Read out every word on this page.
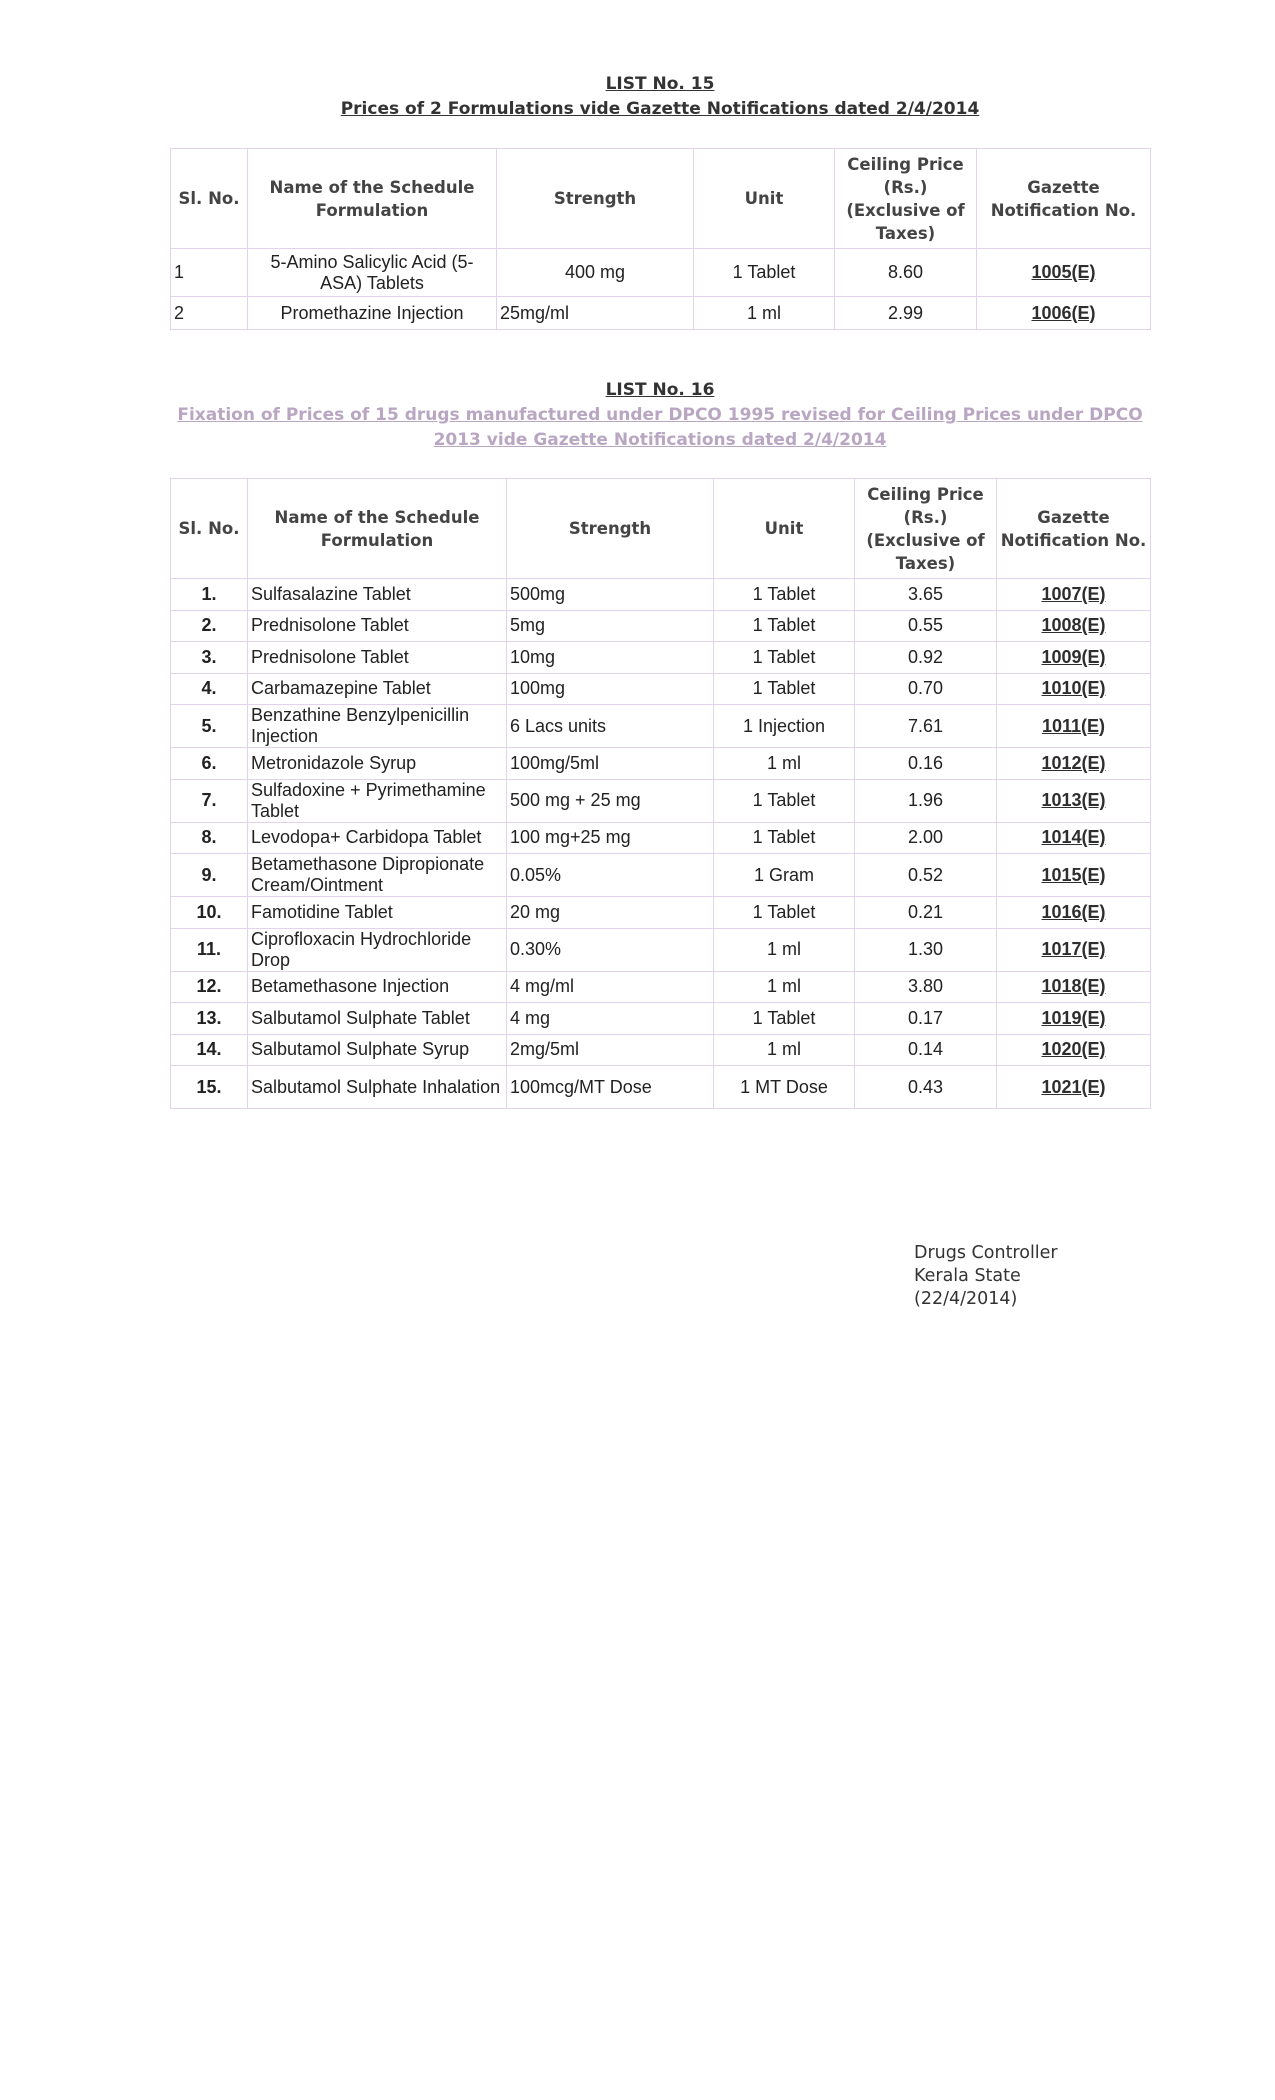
LIST No. 15
Prices of 2 Formulations vide Gazette Notifications dated 2/4/2014
Sl. No.	Name of the Schedule Formulation	Strength	Unit	Ceiling Price (Rs.) (Exclusive of Taxes)	Gazette Notification No.
1	5-Amino Salicylic Acid (5-ASA) Tablets	400 mg	1 Tablet	8.60	1005(E)
2	Promethazine Injection	25mg/ml	1 ml	2.99	1006(E)
LIST No. 16
Fixation of Prices of 15 drugs manufactured under DPCO 1995 revised for Ceiling Prices under DPCO 2013 vide Gazette Notifications dated 2/4/2014
Sl. No.	Name of the Schedule Formulation	Strength	Unit	Ceiling Price (Rs.) (Exclusive of Taxes)	Gazette Notification No.
1.	Sulfasalazine Tablet	500mg	1 Tablet	3.65	1007(E)
2.	Prednisolone Tablet	5mg	1 Tablet	0.55	1008(E)
3.	Prednisolone Tablet	10mg	1 Tablet	0.92	1009(E)
4.	Carbamazepine Tablet	100mg	1 Tablet	0.70	1010(E)
5.	Benzathine Benzylpenicillin Injection	6 Lacs units	1 Injection	7.61	1011(E)
6.	Metronidazole Syrup	100mg/5ml	1 ml	0.16	1012(E)
7.	Sulfadoxine + Pyrimethamine Tablet	500 mg + 25 mg	1 Tablet	1.96	1013(E)
8.	Levodopa+ Carbidopa Tablet	100 mg+25 mg	1 Tablet	2.00	1014(E)
9.	Betamethasone Dipropionate Cream/Ointment	0.05%	1 Gram	0.52	1015(E)
10.	Famotidine Tablet	20 mg	1 Tablet	0.21	1016(E)
11.	Ciprofloxacin Hydrochloride Drop	0.30%	1 ml	1.30	1017(E)
12.	Betamethasone Injection	4 mg/ml	1 ml	3.80	1018(E)
13.	Salbutamol Sulphate Tablet	4 mg	1 Tablet	0.17	1019(E)
14.	Salbutamol Sulphate Syrup	2mg/5ml	1 ml	0.14	1020(E)
15.	Salbutamol Sulphate Inhalation	100mcg/MT Dose	1 MT Dose	0.43	1021(E)
Drugs Controller
Kerala State
(22/4/2014)
